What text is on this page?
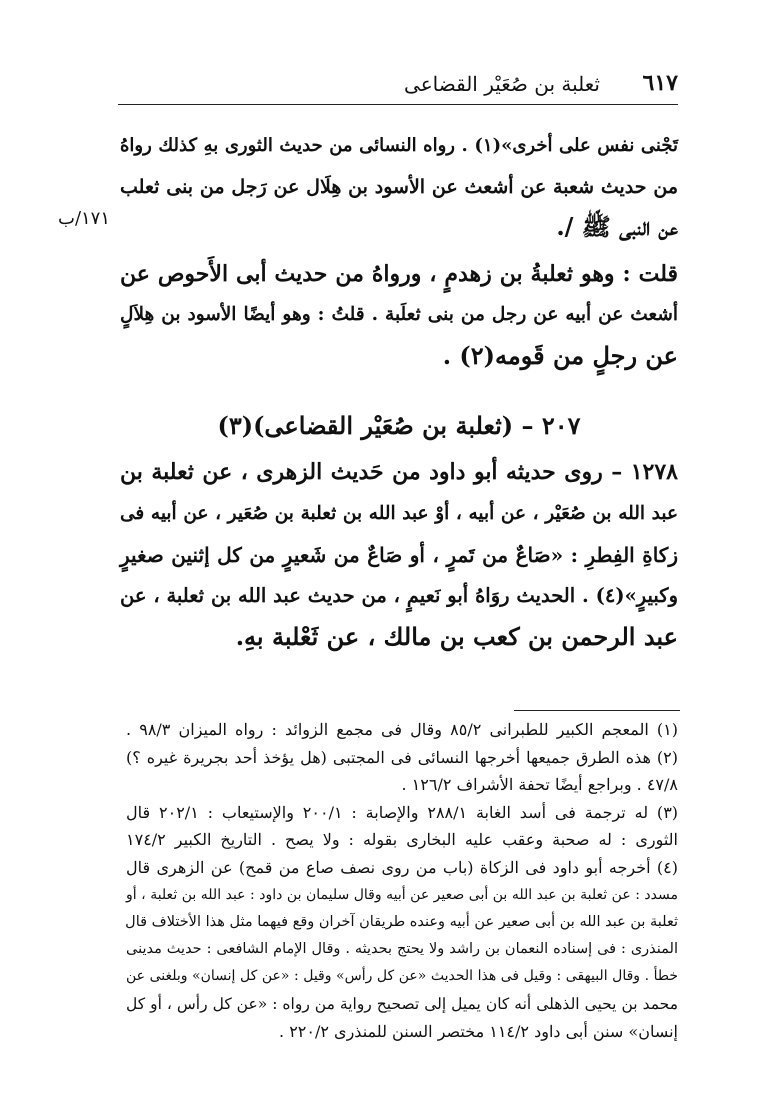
٦١٧
ثعلبة بن صُعَيْر القضاعى
١٧١/ب
تَجْنى نفس على أخرى»(١) . رواه النسائى من حديث الثورى بهِ كذلك رواهُ
من حديث شعبة عن أشعث عن الأسود بن هِلَال عن رَجل من بنى ثعلب
عن النبى ﷺ /.
قلت : وهو ثعلبةُ بن زهدمٍ ، ورواهُ من حديث أبى الأَحوص عن
أشعث عن أبيه عن رجل من بنى ثعلَبة . قلتُ : وهو أيضًا الأسود بن هِلاَلٍ
عن رجلٍ من قَومه(٢) .
٢٠٧ – (ثعلبة بن صُعَيْر القضاعى)(٣)
١٢٧٨ – روى حديثه أبو داود من حَديث الزهرى ، عن ثعلبة بن
عبد الله بن صُعَيْر ، عن أبيه ، أوْ عبد الله بن ثعلبة بن صُعَير ، عن أبيه فى
زكاةِ الفِطرِ : «صَاعٌ من تَمرٍ ، أو صَاعٌ من شَعيرٍ من كل إثنين صغيرٍ
وكبيرٍ»(٤) . الحديث روَاهُ أبو نَعيمٍ ، من حديث عبد الله بن ثعلبة ، عن
عبد الرحمن بن كعب بن مالك ، عن ثَعْلبة بهِ.
(١) المعجم الكبير للطبرانى ٨٥/٢ وقال فى مجمع الزوائد : رواه الميزان ٩٨/٣ .
(٢) هذه الطرق جميعها أخرجها النسائى فى المجتبى (هل يؤخذ أحد بجريرة غيره ؟)
٤٧/٨ . وبراجع أيضًا تحفة الأشراف ١٢٦/٢ .
(٣) له ترجمة فى أسد الغابة ٢٨٨/١ والإصابة : ٢٠٠/١ والإستيعاب : ٢٠٢/١ قال
الثورى : له صحبة وعقب عليه البخارى بقوله : ولا يصح . التاريخ الكبير ١٧٤/٢
(٤) أخرجه أبو داود فى الزكاة (باب من روى نصف صاع من قمح) عن الزهرى قال
مسدد : عن ثعلبة بن عبد الله بن أبى صعير عن أبيه وقال سليمان بن داود : عبد الله بن ثعلبة ، أو
ثعلبة بن عبد الله بن أبى صعير عن أبيه وعنده طريقان آخران وقع فيهما مثل هذا الأختلاف قال
المنذرى : فى إسناده النعمان بن راشد ولا يحتج بحديثه . وقال الإمام الشافعى : حديث مدينى
خطأ . وقال البيهقى : وقيل فى هذا الحديث «عن كل رأس» وقيل : «عن كل إنسان» وبلغنى عن
محمد بن يحيى الذهلى أنه كان يميل إلى تصحيح رواية من رواه : «عن كل رأس ، أو كل
إنسان» سنن أبى داود ١١٤/٢ مختصر السنن للمنذرى ٢٢٠/٢ .
